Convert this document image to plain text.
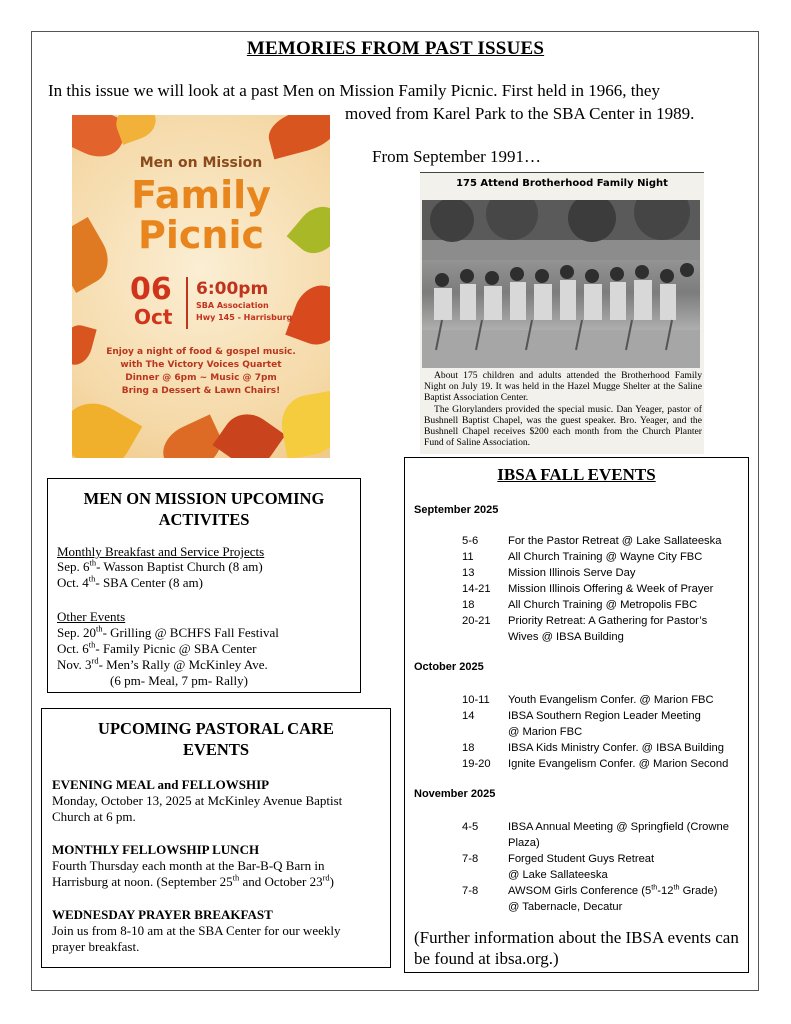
MEMORIES FROM PAST ISSUES
In this issue we will look at a past Men on Mission Family Picnic. First held in 1966, they
moved from Karel Park to the SBA Center in 1989.
From September 1991…
Men on Mission
Family
Picnic
06
Oct
6:00pm
SBA Association
Hwy 145 - Harrisburg
Enjoy a night of food & gospel music.
with The Victory Voices Quartet
Dinner @ 6pm ~ Music @ 7pm
Bring a Dessert & Lawn Chairs!
175 Attend Brotherhood Family Night
About 175 children and adults attended the Brotherhood Family Night on July 19. It was held in the Hazel Mugge Shelter at the Saline Baptist Association Center.
The Glorylanders provided the special music. Dan Yeager, pastor of Bushnell Baptist Chapel, was the guest speaker. Bro. Yeager, and the Bushnell Chapel receives $200 each month from the Church Planter Fund of Saline Association.
MEN ON MISSION UPCOMING
ACTIVITES
Monthly Breakfast and Service Projects
Sep. 6th- Wasson Baptist Church (8 am)
Oct. 4th- SBA Center (8 am)
Other Events
Sep. 20th- Grilling @ BCHFS Fall Festival
Oct. 6th- Family Picnic @ SBA Center
Nov. 3rd- Men’s Rally @ McKinley Ave.
(6 pm- Meal, 7 pm- Rally)
UPCOMING PASTORAL CARE
EVENTS
EVENING MEAL and FELLOWSHIP
Monday, October 13, 2025 at McKinley Avenue Baptist
Church at 6 pm.
MONTHLY FELLOWSHIP LUNCH
Fourth Thursday each month at the Bar-B-Q Barn in
Harrisburg at noon. (September 25th and October 23rd)
WEDNESDAY PRAYER BREAKFAST
Join us from 8-10 am at the SBA Center for our weekly
prayer breakfast.
IBSA FALL EVENTS
September 2025
5-6	For the Pastor Retreat @ Lake Sallateeska
11	All Church Training @ Wayne City FBC
13	Mission Illinois Serve Day
14-21 Mission Illinois Offering & Week of Prayer
18	All Church Training @ Metropolis FBC
20-21 Priority Retreat: A Gathering for Pastor’s
Wives @ IBSA Building
October 2025
10-11 Youth Evangelism Confer. @ Marion FBC
14	IBSA Southern Region Leader Meeting
@ Marion FBC
18	IBSA Kids Ministry Confer. @ IBSA Building
19-20 Ignite Evangelism Confer. @ Marion Second
November 2025
4-5	IBSA Annual Meeting @ Springfield (Crowne
Plaza)
7-8	Forged Student Guys Retreat
@ Lake Sallateeska
7-8	AWSOM Girls Conference (5th-12th Grade)
@ Tabernacle, Decatur
(Further information about the IBSA events can be found at ibsa.org.)
